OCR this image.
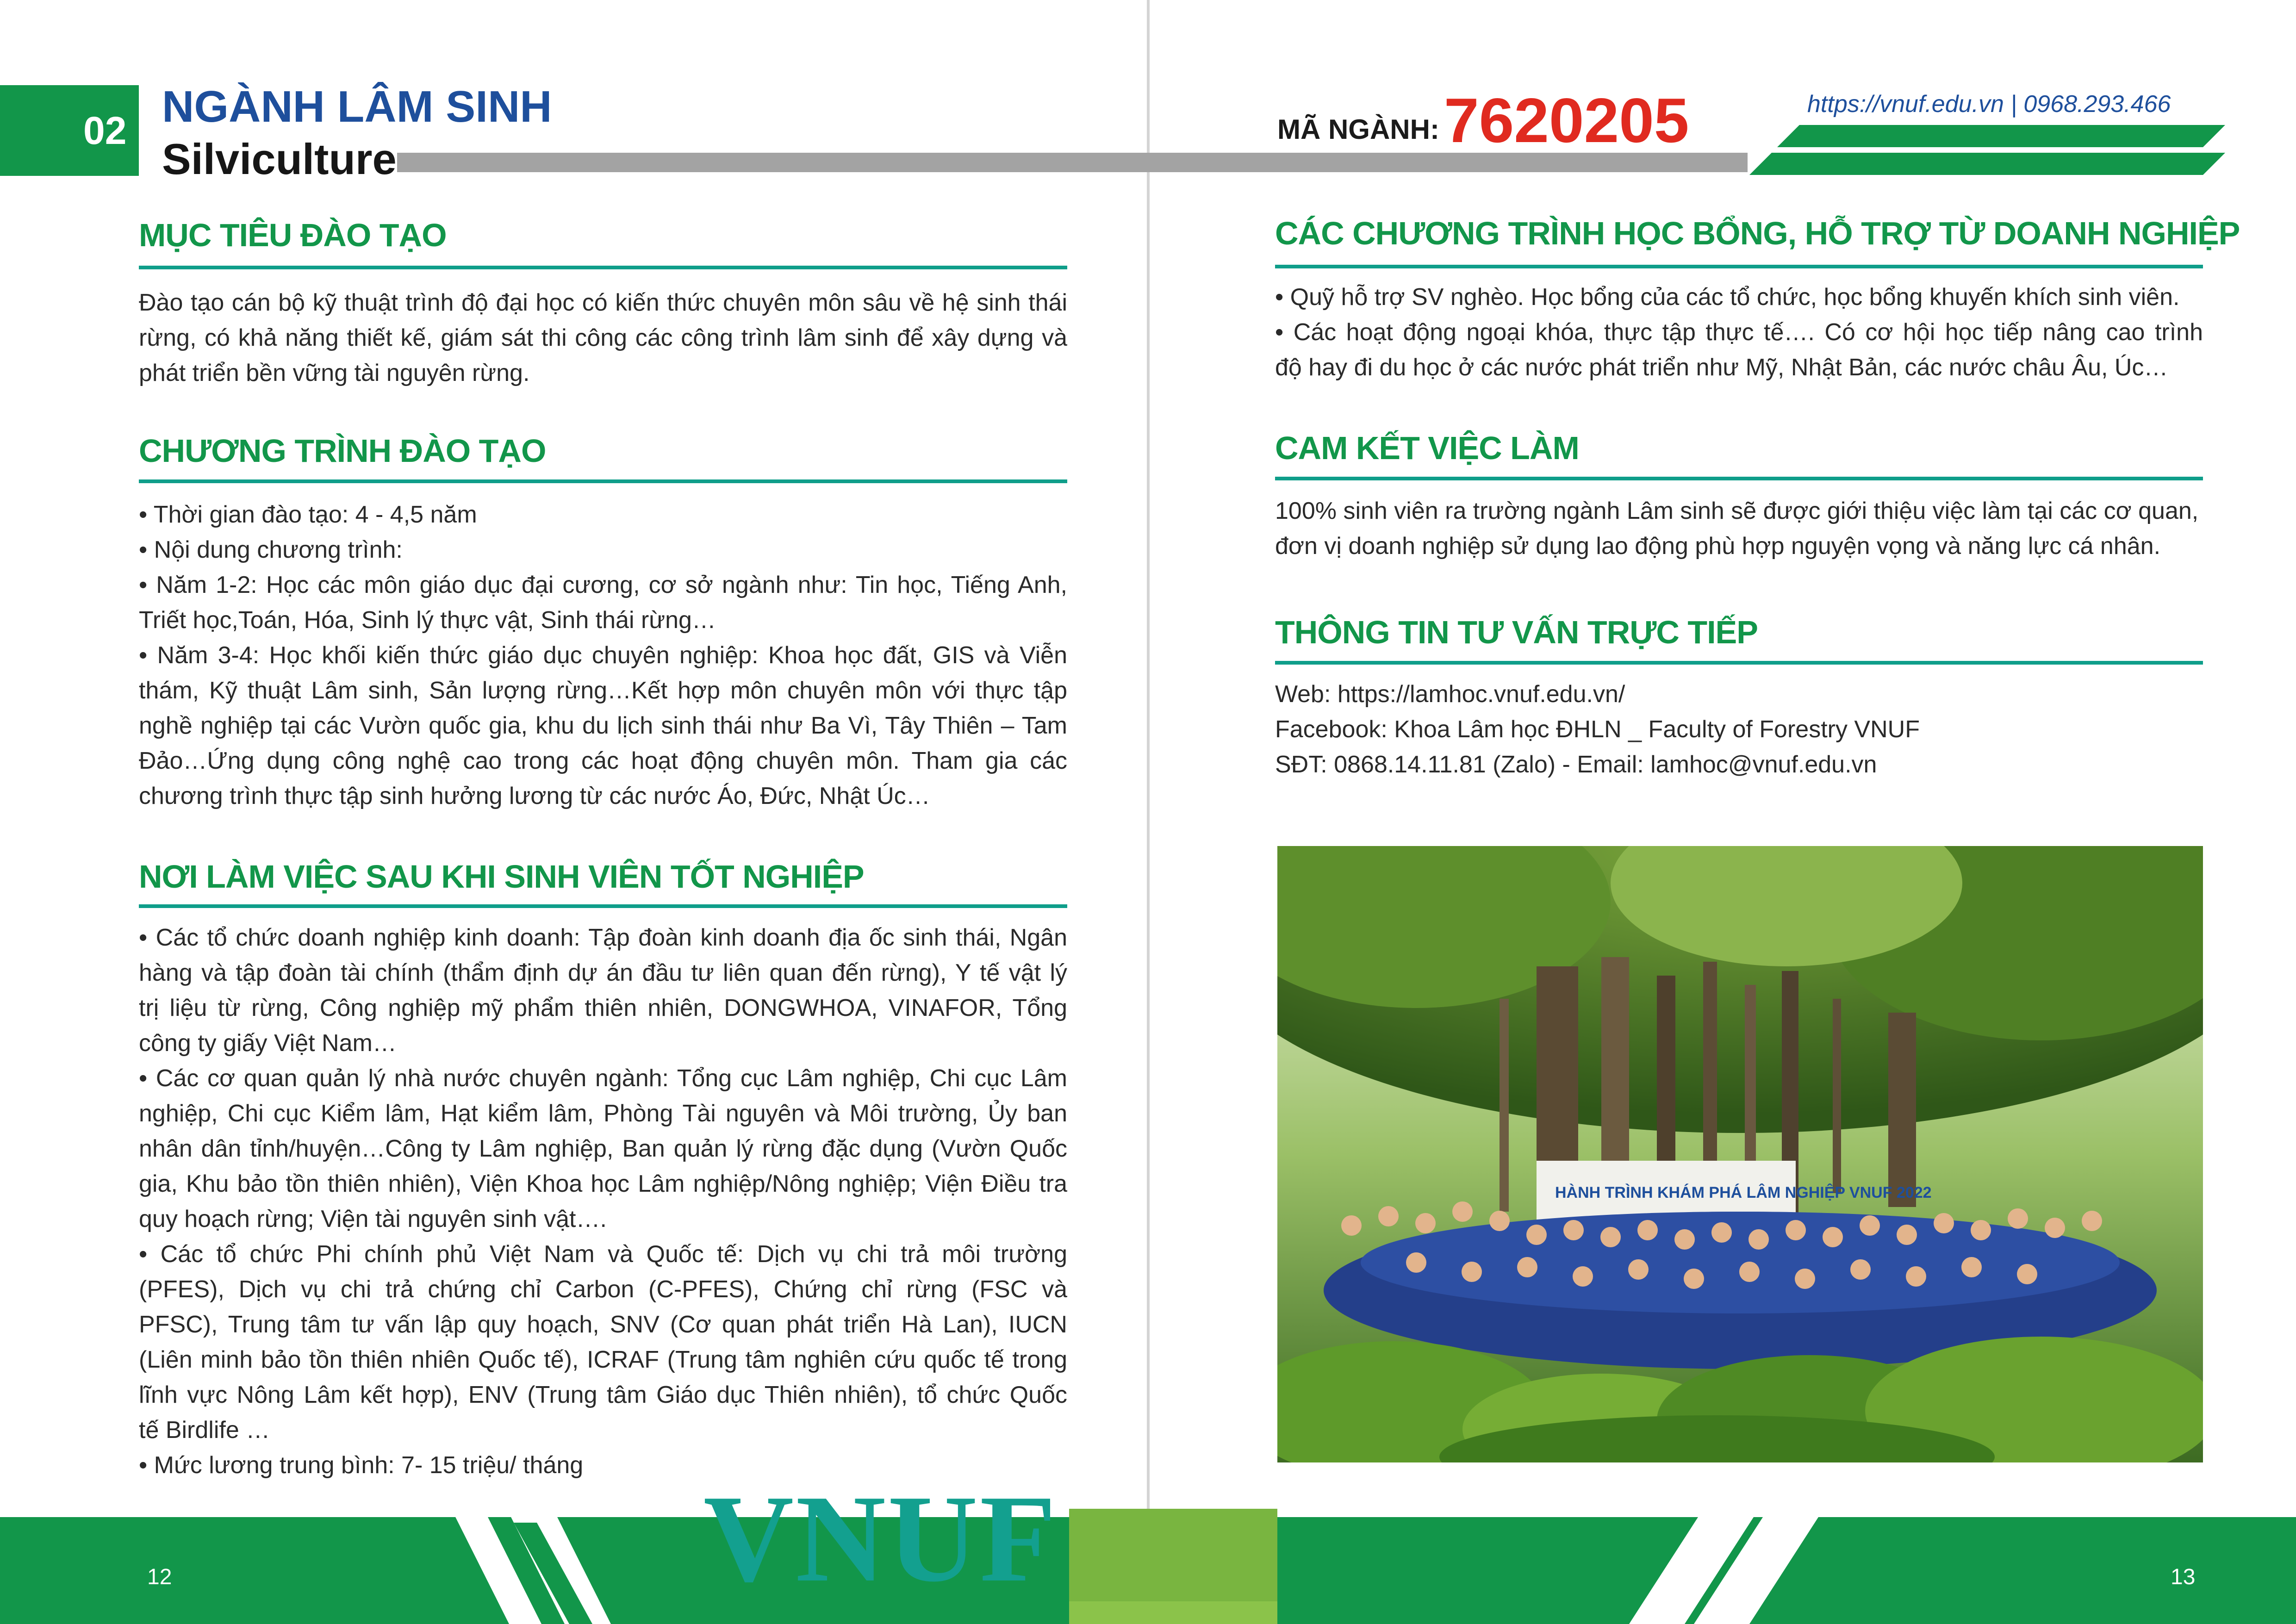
02 NGÀNH LÂM SINH
Silviculture
MÃ NGÀNH: 7620205	https://vnuf.edu.vn | 0968.293.466
MỤC TIÊU ĐÀO TẠO

Đào tạo cán bộ kỹ thuật trình độ đại học có kiến thức chuyên môn sâu về hệ sinh thái rừng, có khả năng thiết kế, giám sát thi công các công trình lâm sinh để xây dựng và phát triển bền vững tài nguyên rừng.

CHƯƠNG TRÌNH ĐÀO TẠO
• Thời gian đào tạo: 4 - 4,5 năm
• Nội dung chương trình:
• Năm 1-2: Học các môn giáo dục đại cương, cơ sở ngành như: Tin học, Tiếng Anh,
Triết học,Toán, Hóa, Sinh lý thực vật, Sinh thái rừng…
• Năm 3-4: Học khối kiến thức giáo dục chuyên nghiệp: Khoa học đất, GIS và Viễn
thám, Kỹ thuật Lâm sinh, Sản lượng rừng…Kết hợp môn chuyên môn với thực tập
nghề nghiệp tại các Vườn quốc gia, khu du lịch sinh thái như Ba Vì, Tây Thiên – Tam
Đảo…Ứng dụng công nghệ cao trong các hoạt động chuyên môn. Tham gia các
chương trình thực tập sinh hưởng lương từ các nước Áo, Đức, Nhật Úc…
NƠI LÀM VIỆC SAU KHI SINH VIÊN TỐT NGHIỆP
• Các tổ chức doanh nghiệp kinh doanh: Tập đoàn kinh doanh địa ốc sinh thái, Ngân
hàng và tập đoàn tài chính (thẩm định dự án đầu tư liên quan đến rừng), Y tế vật lý
trị liệu từ rừng, Công nghiệp mỹ phẩm thiên nhiên, DONGWHOA, VINAFOR, Tổng
công ty giấy Việt Nam…
• Các cơ quan quản lý nhà nước chuyên ngành: Tổng cục Lâm nghiệp, Chi cục Lâm
nghiệp, Chi cục Kiểm lâm, Hạt kiểm lâm, Phòng Tài nguyên và Môi trường, Ủy ban
nhân dân tỉnh/huyện…Công ty Lâm nghiệp, Ban quản lý rừng đặc dụng (Vườn Quốc
gia, Khu bảo tồn thiên nhiên), Viện Khoa học Lâm nghiệp/Nông nghiệp; Viện Điều tra
quy hoạch rừng; Viện tài nguyên sinh vật….
• Các tổ chức Phi chính phủ Việt Nam và Quốc tế: Dịch vụ chi trả môi trường
(PFES), Dịch vụ chi trả chứng chỉ Carbon (C-PFES), Chứng chỉ rừng (FSC và
PFSC), Trung tâm tư vấn lập quy hoạch, SNV (Cơ quan phát triển Hà Lan), IUCN
(Liên minh bảo tồn thiên nhiên Quốc tế), ICRAF (Trung tâm nghiên cứu quốc tế trong
lĩnh vực Nông Lâm kết hợp), ENV (Trung tâm Giáo dục Thiên nhiên), tổ chức Quốc
tế Birdlife …
• Mức lương trung bình: 7- 15 triệu/ tháng
CÁC CHƯƠNG TRÌNH HỌC BỔNG, HỖ TRỢ TỪ DOANH NGHIỆP
• Quỹ hỗ trợ SV nghèo. Học bổng của các tổ chức, học bổng khuyến khích sinh viên.
• Các hoạt động ngoại khóa, thực tập thực tế…. Có cơ hội học tiếp nâng cao trình
độ hay đi du học ở các nước phát triển như Mỹ, Nhật Bản, các nước châu Âu, Úc…
CAM KẾT VIỆC LÀM
100% sinh viên ra trường ngành Lâm sinh sẽ được giới thiệu việc làm tại các cơ quan,
đơn vị doanh nghiệp sử dụng lao động phù hợp nguyện vọng và năng lực cá nhân.
THÔNG TIN TƯ VẤN TRỰC TIẾP
Web: https://lamhoc.vnuf.edu.vn/
Facebook: Khoa Lâm học ĐHLN _ Faculty of Forestry VNUF
SĐT: 0868.14.11.81 (Zalo) - Email: lamhoc@vnuf.edu.vn
HÀNH TRÌNH KHÁM PHÁ LÂM NGHIỆP VNUF 2022
VNUF
12	13
